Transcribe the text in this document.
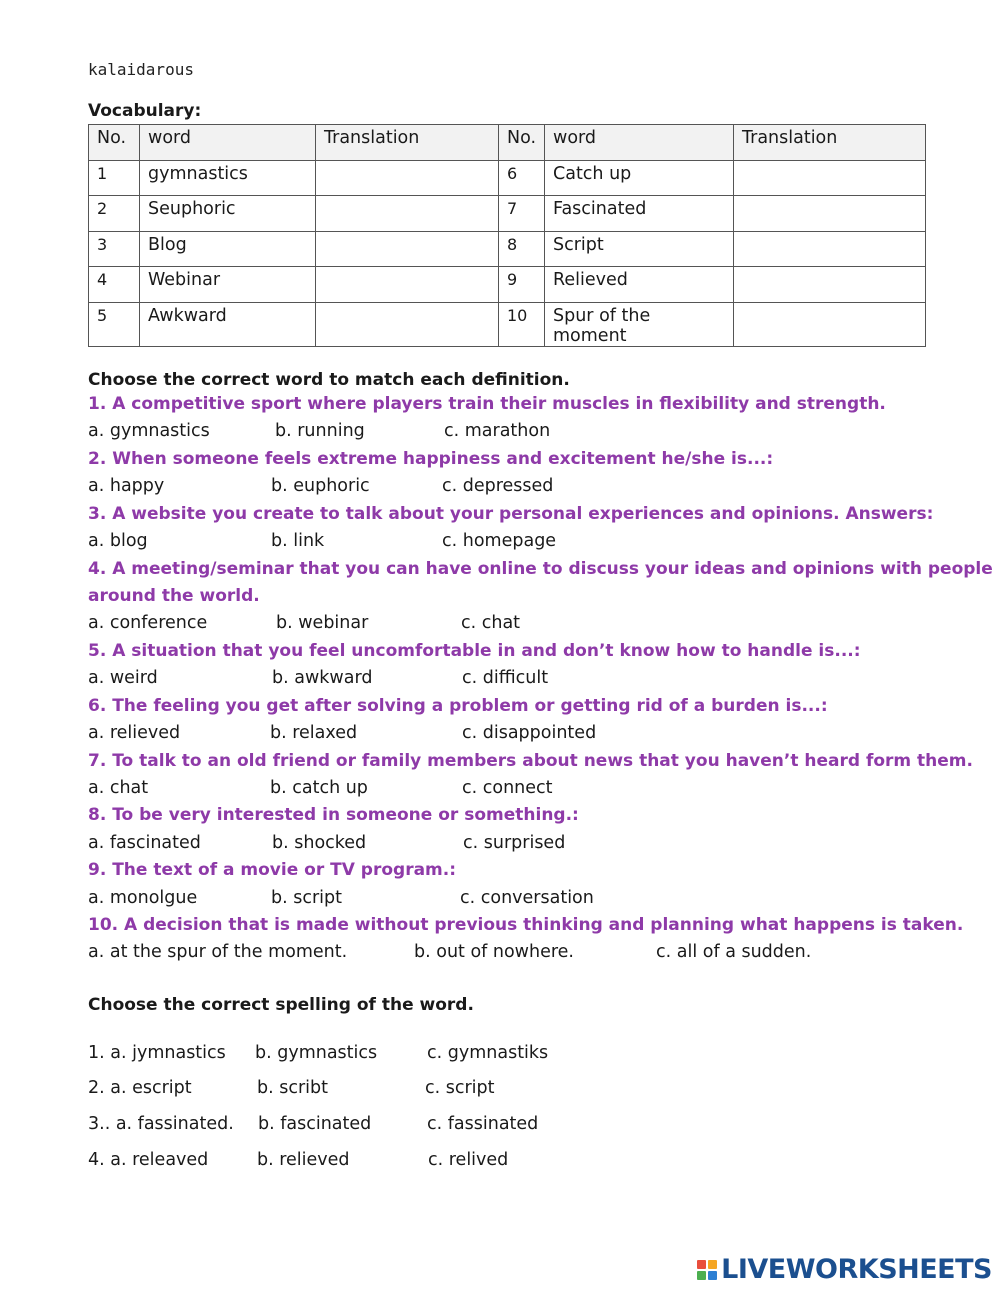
kalaidarous
Vocabulary:
No.	word	Translation	No.	word	Translation
1	gymnastics		6	Catch up	
2	Seuphoric		7	Fascinated	
3	Blog		8	Script	
4	Webinar		9	Relieved	
5	Awkward		10	Spur of the moment	
Choose the correct word to match each definition.
1. A competitive sport where players train their muscles in flexibility and strength.
a. gymnastics	b. running	c. marathon
2. When someone feels extreme happiness and excitement he/she is...:
a. happy	b. euphoric	c. depressed
3. A website you create to talk about your personal experiences and opinions. Answers:
a. blog	b. link	c. homepage
4. A meeting/seminar that you can have online to discuss your ideas and opinions with people
around the world.
a. conference	b. webinar	c. chat
5. A situation that you feel uncomfortable in and don’t know how to handle is...:
a. weird	b. awkward	c. difficult
6. The feeling you get after solving a problem or getting rid of a burden is...:
a. relieved	b. relaxed	c. disappointed
7. To talk to an old friend or family members about news that you haven’t heard form them.
a. chat	b. catch up	c. connect
8. To be very interested in someone or something.:
a. fascinated	b. shocked	c. surprised
9. The text of a movie or TV program.:
a. monolgue	b. script	c. conversation
10. A decision that is made without previous thinking and planning what happens is taken.
a. at the spur of the moment.	b. out of nowhere.	c. all of a sudden.
Choose the correct spelling of the word.
1. a. jymnastics b. gymnastics	c. gymnastiks
2. a. escript	b. scribt	c. script
3.. a. fassinated. b. fascinated	c. fassinated
4. a. releaved	b. relieved	c. relived
LIVEWORKSHEETS
